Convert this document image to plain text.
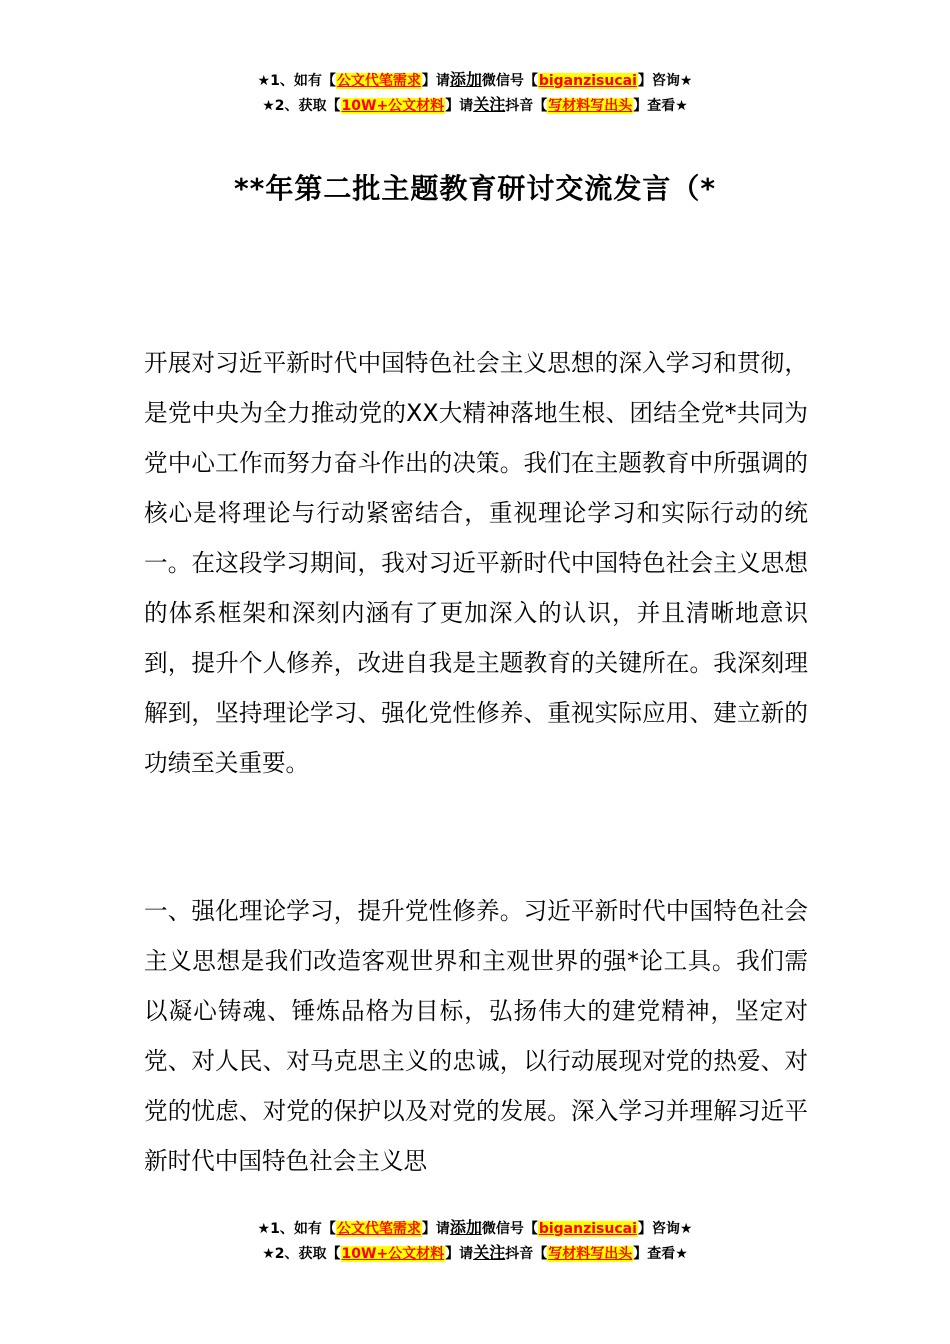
★1、如有【公文代笔需求】请添加微信号【biganzisucai】咨询★
★2、获取【10W+公文材料】请关注抖音【写材料写出头】查看★
**年第二批主题教育研讨交流发言（*

开展对习近平新时代中国特色社会主义思想的深入学习和贯彻，是党中央为全力推动党的XX大精神落地生根、团结全党*共同为党中心工作而努力奋斗作出的决策。我们在主题教育中所强调的核心是将理论与行动紧密结合，重视理论学习和实际行动的统一。在这段学习期间，我对习近平新时代中国特色社会主义思想的体系框架和深刻内涵有了更加深入的认识，并且清晰地意识到，提升个人修养，改进自我是主题教育的关键所在。我深刻理解到，坚持理论学习、强化党性修养、重视实际应用、建立新的功绩至关重要。

一、强化理论学习，提升党性修养。习近平新时代中国特色社会主义思想是我们改造客观世界和主观世界的强*论工具。我们需以凝心铸魂、锤炼品格为目标，弘扬伟大的建党精神，坚定对党、对人民、对马克思主义的忠诚，以行动展现对党的热爱、对党的忧虑、对党的保护以及对党的发展。深入学习并理解习近平新时代中国特色社会主义思

★1、如有【公文代笔需求】请添加微信号【biganzisucai】咨询★
★2、获取【10W+公文材料】请关注抖音【写材料写出头】查看★
